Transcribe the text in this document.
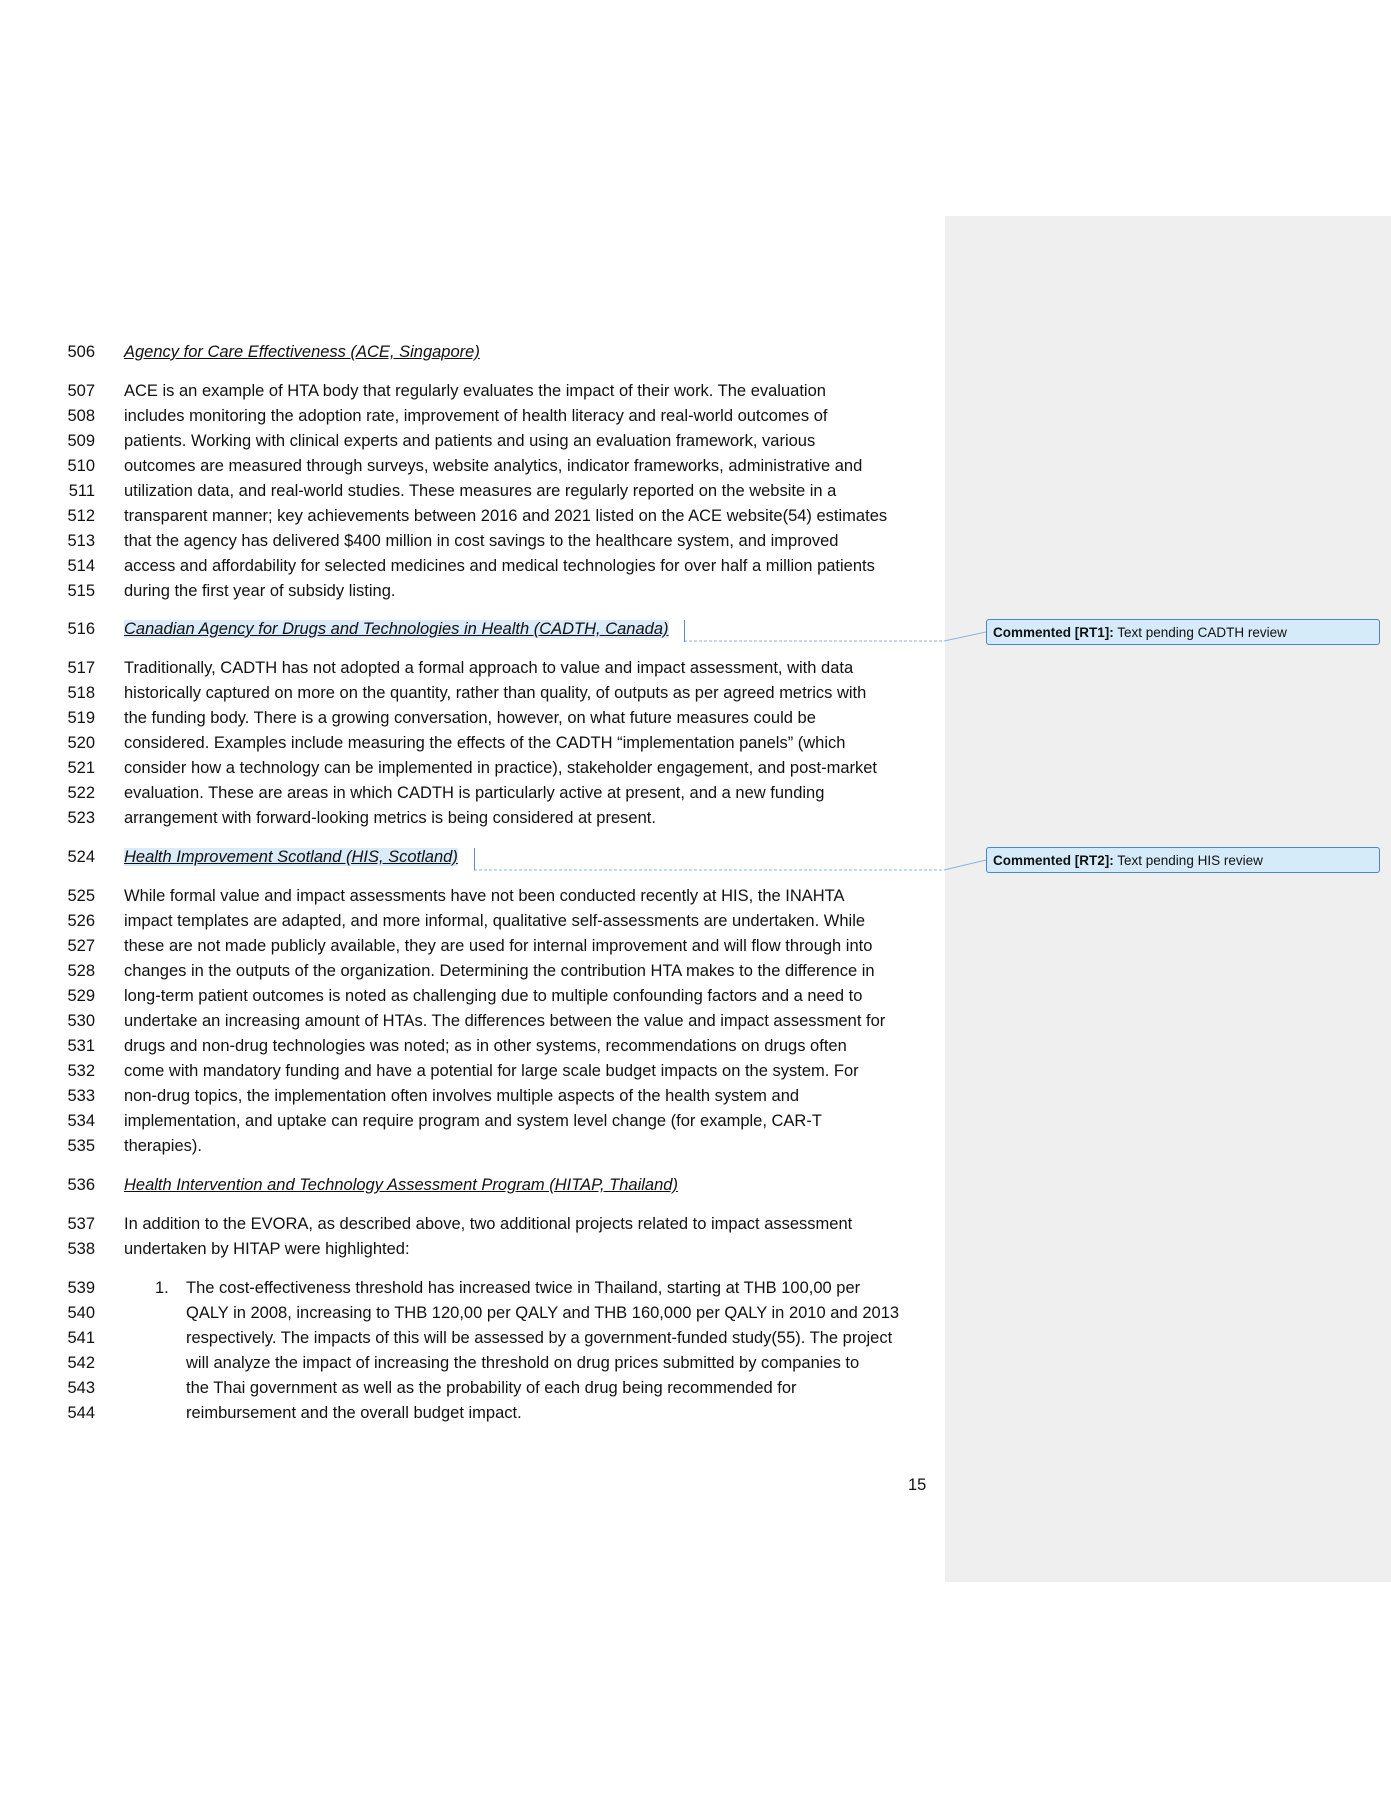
506 Agency for Care Effectiveness (ACE, Singapore)
507 ACE is an example of HTA body that regularly evaluates the impact of their work. The evaluation
508 includes monitoring the adoption rate, improvement of health literacy and real-world outcomes of
509 patients. Working with clinical experts and patients and using an evaluation framework, various
510 outcomes are measured through surveys, website analytics, indicator frameworks, administrative and
511 utilization data, and real-world studies. These measures are regularly reported on the website in a
512 transparent manner; key achievements between 2016 and 2021 listed on the ACE website(54) estimates
513 that the agency has delivered $400 million in cost savings to the healthcare system, and improved
514 access and affordability for selected medicines and medical technologies for over half a million patients
515 during the first year of subsidy listing.
516 Canadian Agency for Drugs and Technologies in Health (CADTH, Canada)
517 Traditionally, CADTH has not adopted a formal approach to value and impact assessment, with data
518 historically captured on more on the quantity, rather than quality, of outputs as per agreed metrics with
519 the funding body. There is a growing conversation, however, on what future measures could be
520 considered. Examples include measuring the effects of the CADTH “implementation panels” (which
521 consider how a technology can be implemented in practice), stakeholder engagement, and post-market
522 evaluation. These are areas in which CADTH is particularly active at present, and a new funding
523 arrangement with forward-looking metrics is being considered at present.
524 Health Improvement Scotland (HIS, Scotland)
525 While formal value and impact assessments have not been conducted recently at HIS, the INAHTA
526 impact templates are adapted, and more informal, qualitative self-assessments are undertaken. While
527 these are not made publicly available, they are used for internal improvement and will flow through into
528 changes in the outputs of the organization. Determining the contribution HTA makes to the difference in
529 long-term patient outcomes is noted as challenging due to multiple confounding factors and a need to
530 undertake an increasing amount of HTAs. The differences between the value and impact assessment for
531 drugs and non-drug technologies was noted; as in other systems, recommendations on drugs often
532 come with mandatory funding and have a potential for large scale budget impacts on the system. For
533 non-drug topics, the implementation often involves multiple aspects of the health system and
534 implementation, and uptake can require program and system level change (for example, CAR-T
535 therapies).
536 Health Intervention and Technology Assessment Program (HITAP, Thailand)
537 In addition to the EVORA, as described above, two additional projects related to impact assessment
538 undertaken by HITAP were highlighted:
539	1. The cost-effectiveness threshold has increased twice in Thailand, starting at THB 100,00 per
540	QALY in 2008, increasing to THB 120,00 per QALY and THB 160,000 per QALY in 2010 and 2013
541	respectively. The impacts of this will be assessed by a government-funded study(55). The project
542	will analyze the impact of increasing the threshold on drug prices submitted by companies to
543	the Thai government as well as the probability of each drug being recommended for
544	reimbursement and the overall budget impact.
Commented [RT1]: Text pending CADTH review
Commented [RT2]: Text pending HIS review
15
